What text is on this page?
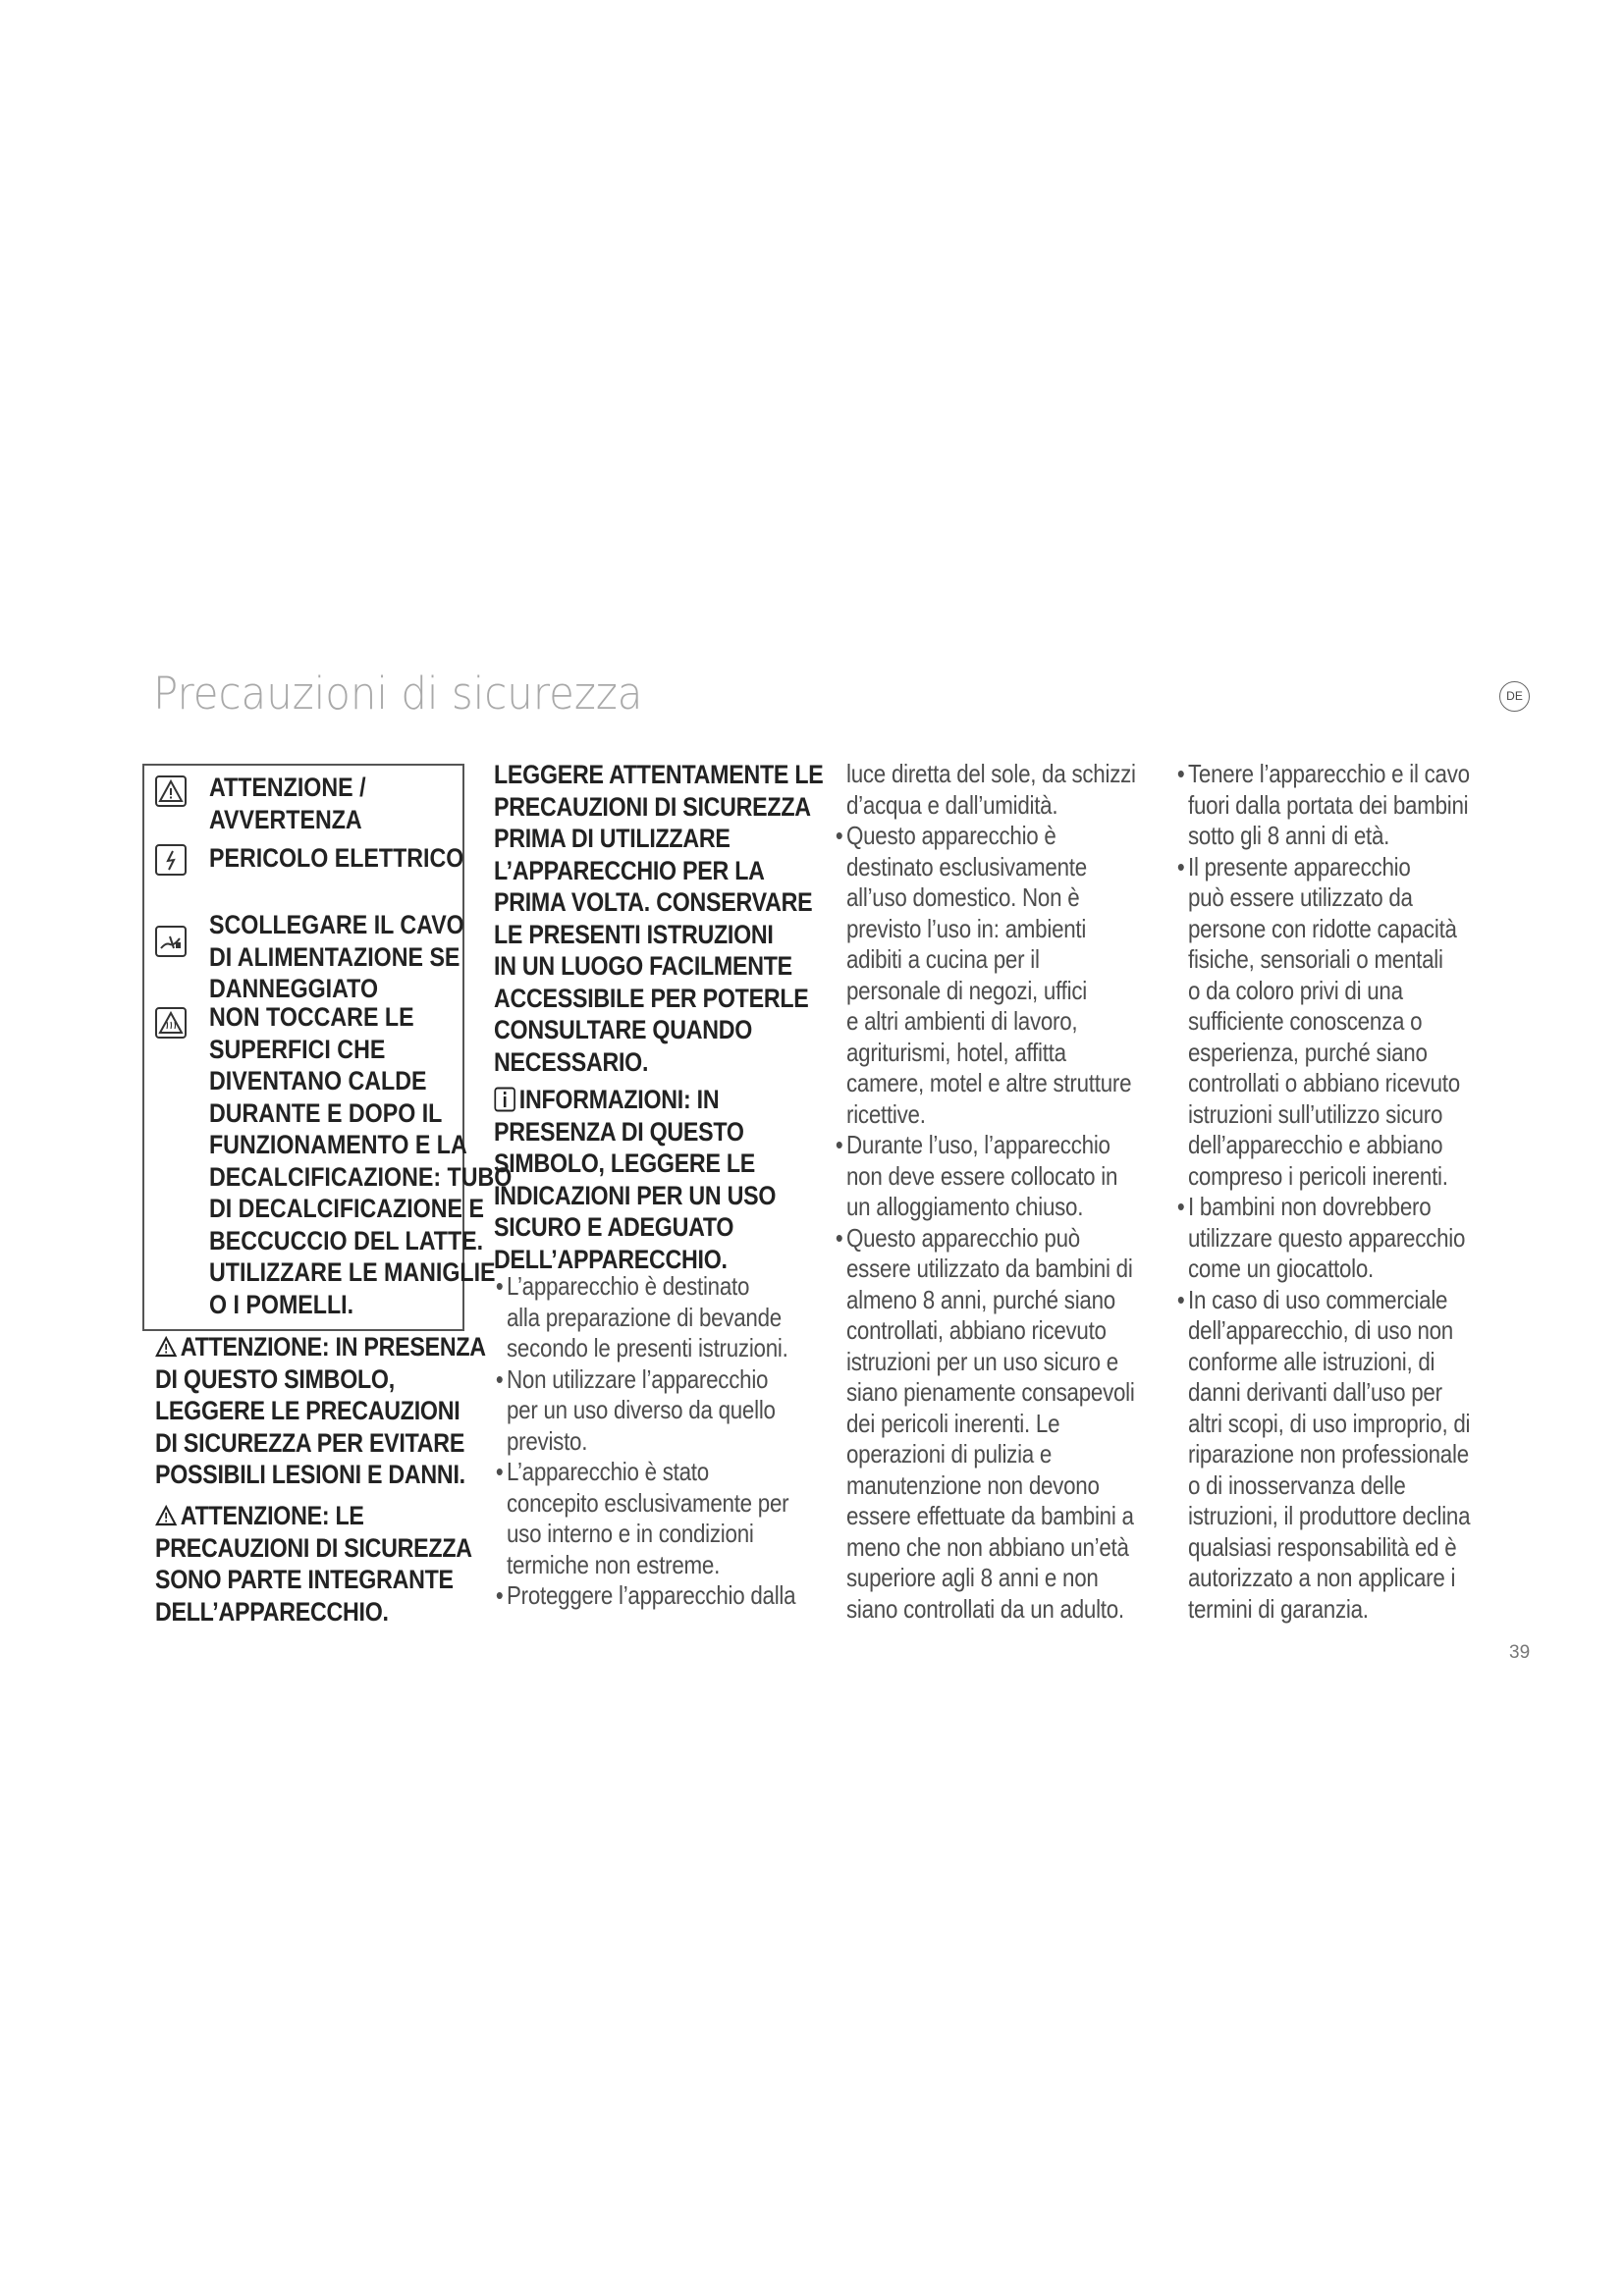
Precauzioni di sicurezza	DE
ATTENZIONE /
AVVERTENZA
PERICOLO ELETTRICO
SCOLLEGARE IL CAVO
DI ALIMENTAZIONE SE
DANNEGGIATO
NON TOCCARE LE
SUPERFICI CHE
DIVENTANO CALDE
DURANTE E DOPO IL
FUNZIONAMENTO E LA
DECALCIFICAZIONE: TUBO
DI DECALCIFICAZIONE E
BECCUCCIO DEL LATTE.
UTILIZZARE LE MANIGLIE
O I POMELLI.
ATTENZIONE: IN PRESENZA
DI QUESTO SIMBOLO,
LEGGERE LE PRECAUZIONI
DI SICUREZZA PER EVITARE
POSSIBILI LESIONI E DANNI.
ATTENZIONE: LE
PRECAUZIONI DI SICUREZZA
SONO PARTE INTEGRANTE
DELL’APPARECCHIO.
LEGGERE ATTENTAMENTE LE
PRECAUZIONI DI SICUREZZA
PRIMA DI UTILIZZARE
L’APPARECCHIO PER LA
PRIMA VOLTA. CONSERVARE
LE PRESENTI ISTRUZIONI
IN UN LUOGO FACILMENTE
ACCESSIBILE PER POTERLE
CONSULTARE QUANDO
NECESSARIO.
INFORMAZIONI: IN
PRESENZA DI QUESTO
SIMBOLO, LEGGERE LE
INDICAZIONI PER UN USO
SICURO E ADEGUATO
DELL’APPARECCHIO.
• L’apparecchio è destinato
alla preparazione di bevande
secondo le presenti istruzioni.
• Non utilizzare l’apparecchio
per un uso diverso da quello
previsto.
• L’apparecchio è stato
concepito esclusivamente per
uso interno e in condizioni
termiche non estreme.
• Proteggere l’apparecchio dalla
luce diretta del sole, da schizzi
d’acqua e dall’umidità.
• Questo apparecchio è
destinato esclusivamente
all’uso domestico. Non è
previsto l’uso in: ambienti
adibiti a cucina per il
personale di negozi, uffici
e altri ambienti di lavoro,
agriturismi, hotel, affitta
camere, motel e altre strutture
ricettive.
• Durante l’uso, l’apparecchio
non deve essere collocato in
un alloggiamento chiuso.
• Questo apparecchio può
essere utilizzato da bambini di
almeno 8 anni, purché siano
controllati, abbiano ricevuto
istruzioni per un uso sicuro e
siano pienamente consapevoli
dei pericoli inerenti. Le
operazioni di pulizia e
manutenzione non devono
essere effettuate da bambini a
meno che non abbiano un’età
superiore agli 8 anni e non
siano controllati da un adulto.
• Tenere l’apparecchio e il cavo
fuori dalla portata dei bambini
sotto gli 8 anni di età.
• Il presente apparecchio
può essere utilizzato da
persone con ridotte capacità
fisiche, sensoriali o mentali
o da coloro privi di una
sufficiente conoscenza o
esperienza, purché siano
controllati o abbiano ricevuto
istruzioni sull’utilizzo sicuro
dell’apparecchio e abbiano
compreso i pericoli inerenti.
• I bambini non dovrebbero
utilizzare questo apparecchio
come un giocattolo.
• In caso di uso commerciale
dell’apparecchio, di uso non
conforme alle istruzioni, di
danni derivanti dall’uso per
altri scopi, di uso improprio, di
riparazione non professionale
o di inosservanza delle
istruzioni, il produttore declina
qualsiasi responsabilità ed è
autorizzato a non applicare i
termini di garanzia.
39
